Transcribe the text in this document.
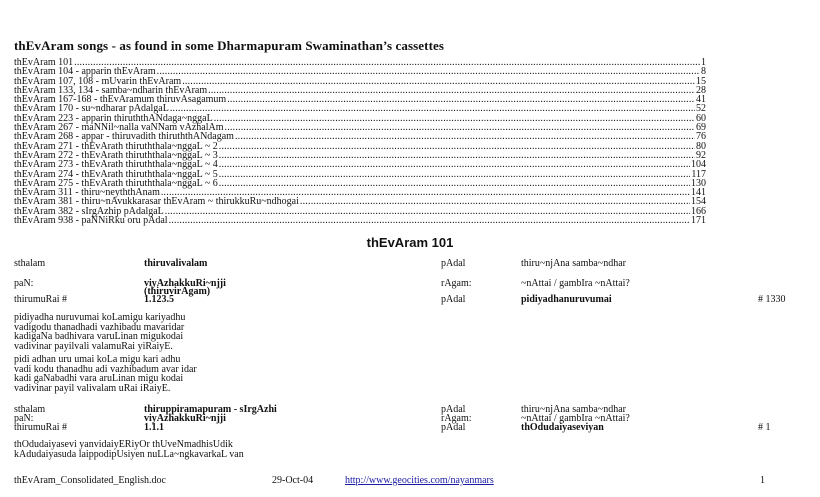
thEvAram songs - as found in some Dharmapuram Swaminathan’s cassettes
thEvAram 101 .....	1
thEvAram 104 - apparin thEvAram .....	8
thEvAram 107, 108 - mUvarin thEvAram .....	15
thEvAram 133, 134 - samba~ndharin thEvAram .....	28
thEvAram 167-168 - thEvAramum thiruvAsagamum .....	41
thEvAram 170 - su~ndharar pAdalgaL .....	52
thEvAram 223 - apparin thiruththANdaga~nggaL .....	60
thEvAram 267 - maNNil~nalla vaNNam vAzhalAm .....	69
thEvAram 268 - appar - thiruvadith thiruththANdagam .....	76
thEvAram 271 - thEvArath thiruththala~nggaL ~ 2 .....	80
thEvAram 272 - thEvArath thiruththala~nggaL ~ 3 .....	92
thEvAram 273 - thEvArath thiruththala~nggaL ~ 4 .....	104
thEvAram 274 - thEvArath thiruththala~nggaL ~ 5 .....	117
thEvAram 275 - thEvArath thiruththala~nggaL ~ 6 .....	130
thEvAram 311 - thiru~neyththAnam .....	141
thEvAram 381 - thiru~nAvukkarasar thEvAram ~ thirukkuRu~ndhogai .....	154
thEvAram 382 - sIrgAzhip pAdalgaL .....	166
thEvAram 938 - paNNiRku oru pAdal .....	171
thEvAram 101
sthalam	thiruvalivalam	pAdal	thiru~njAna samba~ndhar
paN:	viyAzhakkuRi~njji
(thiruvirAgam)
rAgam:	~nAttai / gambIra ~nAttai?
thirumuRai #	1.123.5	pAdal	pidiyadhanuruvumai	# 1330
pidiyadha nuruvumai koLamigu kariyadhu
vadigodu thanadhadi vazhibadu mavaridar
kadigaNa badhivara varuLinan migukodai
vadivinar payilvali valamuRai yiRaiyE.
pidi adhan uru umai koLa migu kari adhu
vadi kodu thanadhu adi vazhibadum avar idar
kadi gaNabadhi vara aruLinan migu kodai
vadivinar payil valivalam uRai iRaiyE.
sthalam	thiruppiramapuram - sIrgAzhi	pAdal	thiru~njAna samba~ndhar
paN:	viyAzhakkuRi~njji	rAgam:	~nAttai / gambIra ~nAttai?
thirumuRai #	1.1.1	pAdal	thOdudaiyaseviyan	# 1
thOdudaiyasevi yanvidaiyERiyOr thUveNmadhisUdik
kAdudaiyasuda laippodipUsiyen nuLLa~ngkavarkaL van
thEvAram_Consolidated_English.doc	29-Oct-04	http://www.geocities.com/nayanmars	1
